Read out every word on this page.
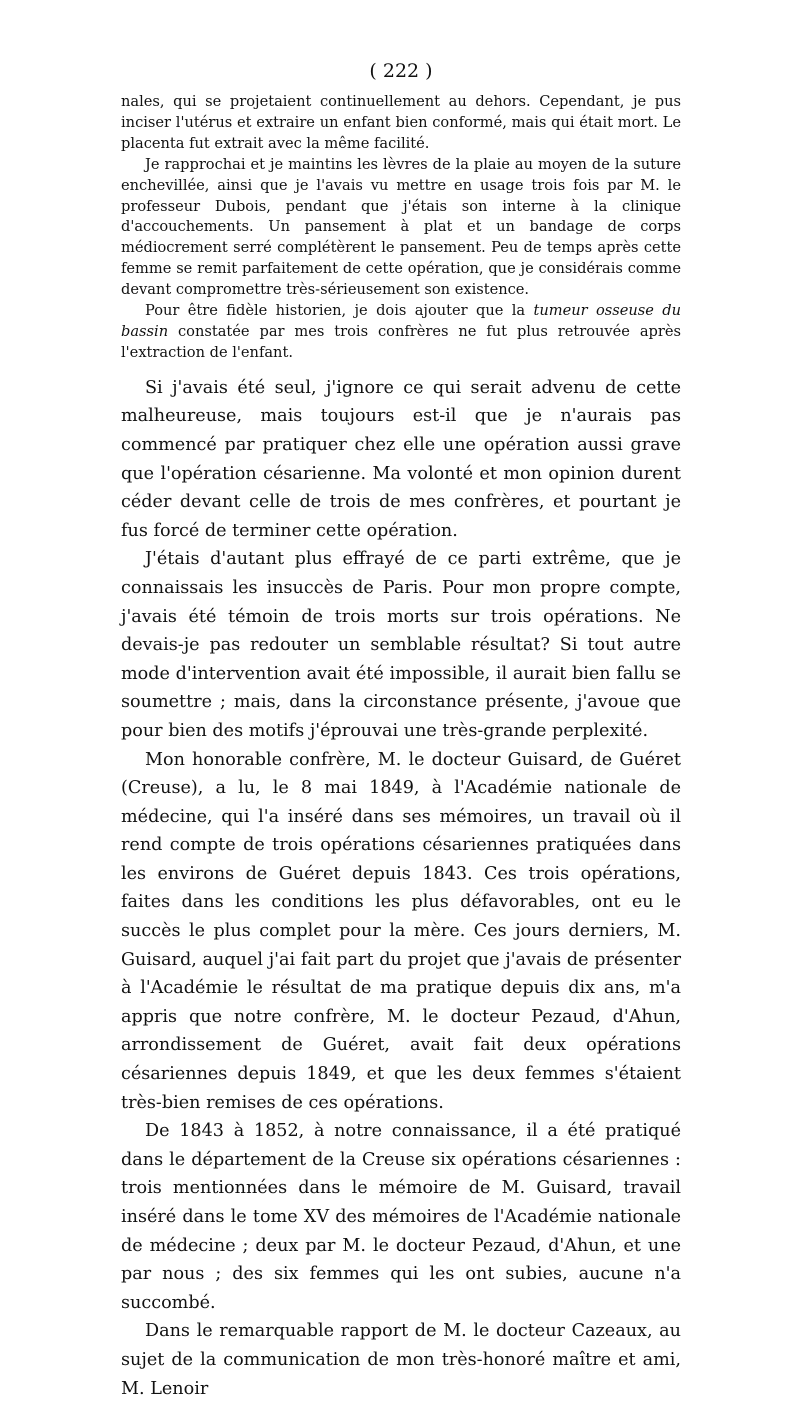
( 222 )

nales, qui se projetaient continuellement au dehors. Cependant, je pus inciser l'utérus et extraire un enfant bien conformé, mais qui était mort. Le placenta fut extrait avec la même facilité.

Je rapprochai et je maintins les lèvres de la plaie au moyen de la suture enchevillée, ainsi que je l'avais vu mettre en usage trois fois par M. le professeur Dubois, pendant que j'étais son interne à la clinique d'accouchements. Un pansement à plat et un bandage de corps médiocrement serré complétèrent le pansement. Peu de temps après cette femme se remit parfaitement de cette opération, que je considérais comme devant compromettre très-sérieusement son existence.

Pour être fidèle historien, je dois ajouter que la tumeur osseuse du bassin constatée par mes trois confrères ne fut plus retrouvée après l'extraction de l'enfant.

Si j'avais été seul, j'ignore ce qui serait advenu de cette malheureuse, mais toujours est-il que je n'aurais pas commencé par pratiquer chez elle une opération aussi grave que l'opération césarienne. Ma volonté et mon opinion durent céder devant celle de trois de mes confrères, et pourtant je fus forcé de terminer cette opération.

J'étais d'autant plus effrayé de ce parti extrême, que je connaissais les insuccès de Paris. Pour mon propre compte, j'avais été témoin de trois morts sur trois opérations. Ne devais-je pas redouter un semblable résultat? Si tout autre mode d'intervention avait été impossible, il aurait bien fallu se soumettre ; mais, dans la circonstance présente, j'avoue que pour bien des motifs j'éprouvai une très-grande perplexité.

Mon honorable confrère, M. le docteur Guisard, de Guéret (Creuse), a lu, le 8 mai 1849, à l'Académie nationale de médecine, qui l'a inséré dans ses mémoires, un travail où il rend compte de trois opérations césariennes pratiquées dans les environs de Guéret depuis 1843. Ces trois opérations, faites dans les conditions les plus défavorables, ont eu le succès le plus complet pour la mère. Ces jours derniers, M. Guisard, auquel j'ai fait part du projet que j'avais de présenter à l'Académie le résultat de ma pratique depuis dix ans, m'a appris que notre confrère, M. le docteur Pezaud, d'Ahun, arrondissement de Guéret, avait fait deux opérations césariennes depuis 1849, et que les deux femmes s'étaient très-bien remises de ces opérations.

De 1843 à 1852, à notre connaissance, il a été pratiqué dans le département de la Creuse six opérations césariennes : trois mentionnées dans le mémoire de M. Guisard, travail inséré dans le tome XV des mémoires de l'Académie nationale de médecine ; deux par M. le docteur Pezaud, d'Ahun, et une par nous ; des six femmes qui les ont subies, aucune n'a succombé.

Dans le remarquable rapport de M. le docteur Cazeaux, au sujet de la communication de mon très-honoré maître et ami, M. Lenoir
